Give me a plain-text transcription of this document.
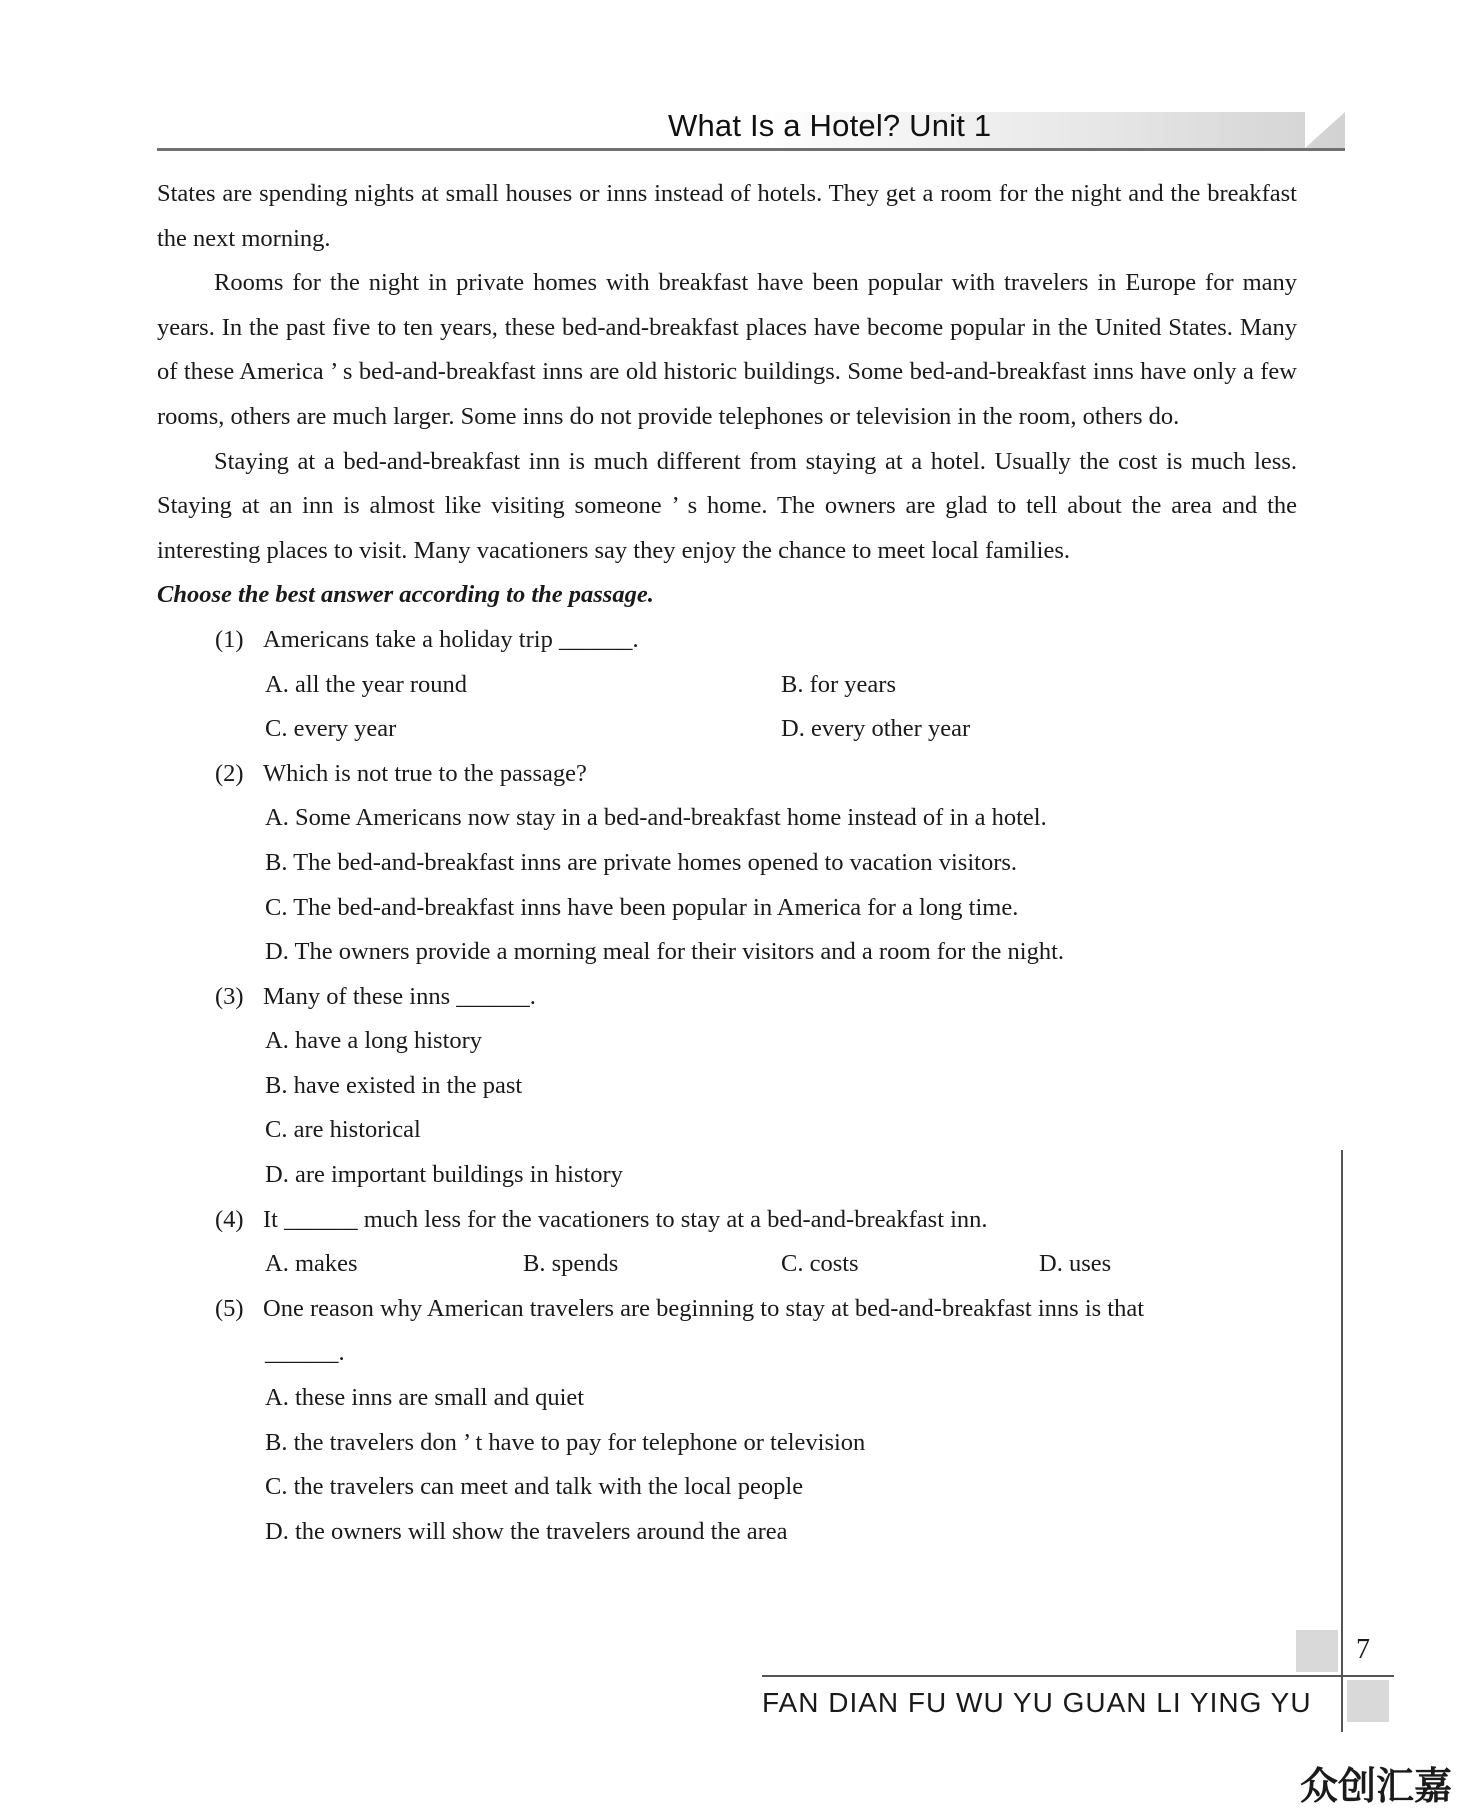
What Is a Hotel? Unit 1

States are spending nights at small houses or inns instead of hotels. They get a room for the night and the breakfast the next morning.

Rooms for the night in private homes with breakfast have been popular with travelers in Europe for many years. In the past five to ten years, these bed-and-breakfast places have become popular in the United States. Many of these America ’ s bed-and-breakfast inns are old historic buildings. Some bed-and-breakfast inns have only a few rooms, others are much larger. Some inns do not provide telephones or television in the room, others do.

Staying at a bed-and-breakfast inn is much different from staying at a hotel. Usually the cost is much less. Staying at an inn is almost like visiting someone ’ s home. The owners are glad to tell about the area and the interesting places to visit. Many vacationers say they enjoy the chance to meet local families.

Choose the best answer according to the passage.

(1) Americans take a holiday trip ______.

A. all the year round	B. for years
C. every year	D. every other year

(2) Which is not true to the passage?

A. Some Americans now stay in a bed-and-breakfast home instead of in a hotel.

B. The bed-and-breakfast inns are private homes opened to vacation visitors.

C. The bed-and-breakfast inns have been popular in America for a long time.

D. The owners provide a morning meal for their visitors and a room for the night.

(3) Many of these inns ______.

A. have a long history

B. have existed in the past

C. are historical

D. are important buildings in history

(4) It ______ much less for the vacationers to stay at a bed-and-breakfast inn.

A. makes	B. spends	C. costs	D. uses

(5) One reason why American travelers are beginning to stay at bed-and-breakfast inns is that

______.

A. these inns are small and quiet

B. the travelers don ’ t have to pay for telephone or television

C. the travelers can meet and talk with the local people

D. the owners will show the travelers around the area

7
FAN DIAN FU WU YU GUAN LI YING YU
众创汇嘉
